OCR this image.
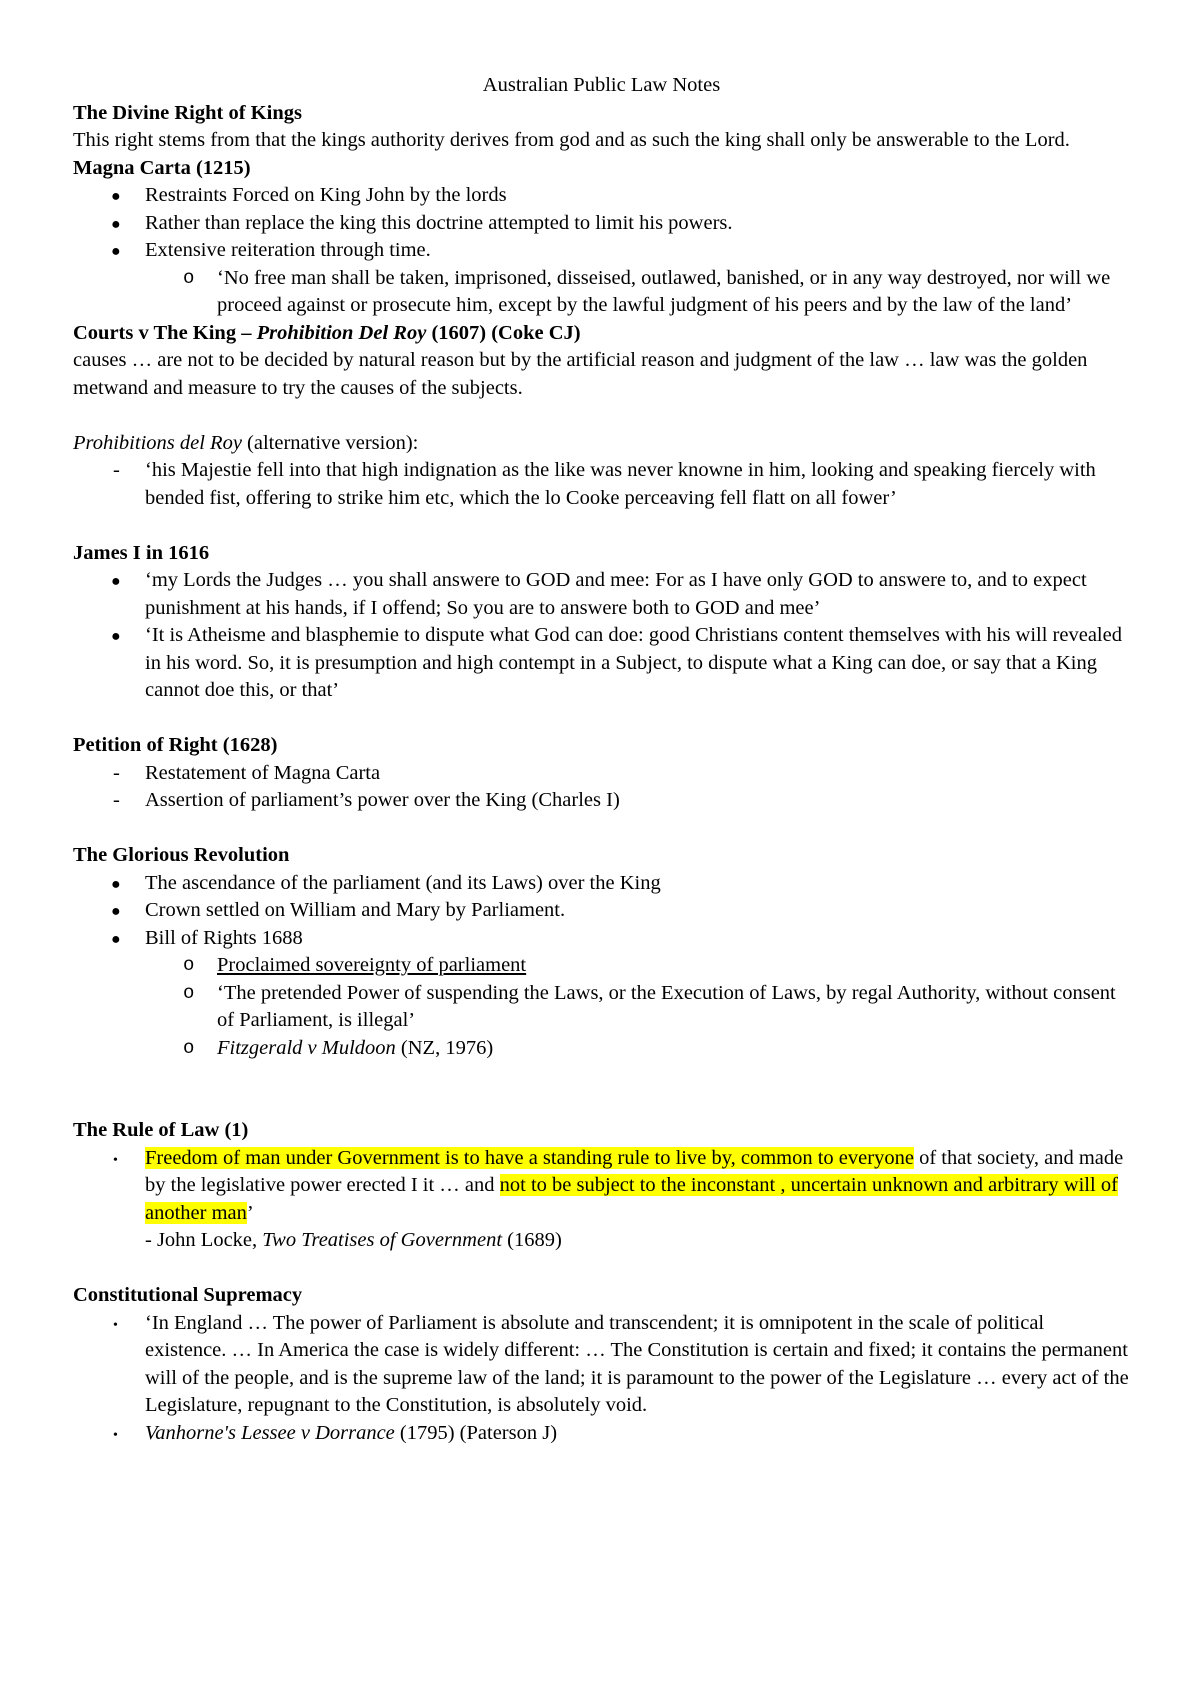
Australian Public Law Notes

The Divine Right of Kings

This right stems from that the kings authority derives from god and as such the king shall only be answerable to the Lord.

Magna Carta (1215)

● Restraints Forced on King John by the lords
● Rather than replace the king this doctrine attempted to limit his powers.
● Extensive reiteration through time.
o ‘No free man shall be taken, imprisoned, disseised, outlawed, banished, or in any way destroyed, nor will we proceed against or prosecute him, except by the lawful judgment of his peers and by the law of the land’

Courts v The King – Prohibition Del Roy (1607) (Coke CJ)

causes … are not to be decided by natural reason but by the artificial reason and judgment of the law … law was the golden metwand and measure to try the causes of the subjects.

Prohibitions del Roy (alternative version):

- ‘his Majestie fell into that high indignation as the like was never knowne in him, looking and speaking fiercely with bended fist, offering to strike him etc, which the lo Cooke perceaving fell flatt on all fower’

James I in 1616

● ‘my Lords the Judges … you shall answere to GOD and mee: For as I have only GOD to answere to, and to expect punishment at his hands, if I offend; So you are to answere both to GOD and mee’
● ‘It is Atheisme and blasphemie to dispute what God can doe: good Christians content themselves with his will revealed in his word. So, it is presumption and high contempt in a Subject, to dispute what a King can doe, or say that a King cannot doe this, or that’

Petition of Right (1628)

- Restatement of Magna Carta
- Assertion of parliament’s power over the King (Charles I)

The Glorious Revolution

● The ascendance of the parliament (and its Laws) over the King
● Crown settled on William and Mary by Parliament.
● Bill of Rights 1688
o Proclaimed sovereignty of parliament
o ‘The pretended Power of suspending the Laws, or the Execution of Laws, by regal Authority, without consent of Parliament, is illegal’
o Fitzgerald v Muldoon (NZ, 1976)

The Rule of Law (1)

• Freedom of man under Government is to have a standing rule to live by, common to everyone of that society, and made by the legislative power erected I it … and not to be subject to the inconstant , uncertain unknown and arbitrary will of another man’
- John Locke, Two Treatises of Government (1689)

Constitutional Supremacy

• ‘In England … The power of Parliament is absolute and transcendent; it is omnipotent in the scale of political existence. … In America the case is widely different: … The Constitution is certain and fixed; it contains the permanent will of the people, and is the supreme law of the land; it is paramount to the power of the Legislature … every act of the Legislature, repugnant to the Constitution, is absolutely void.
• Vanhorne's Lessee v Dorrance (1795) (Paterson J)
